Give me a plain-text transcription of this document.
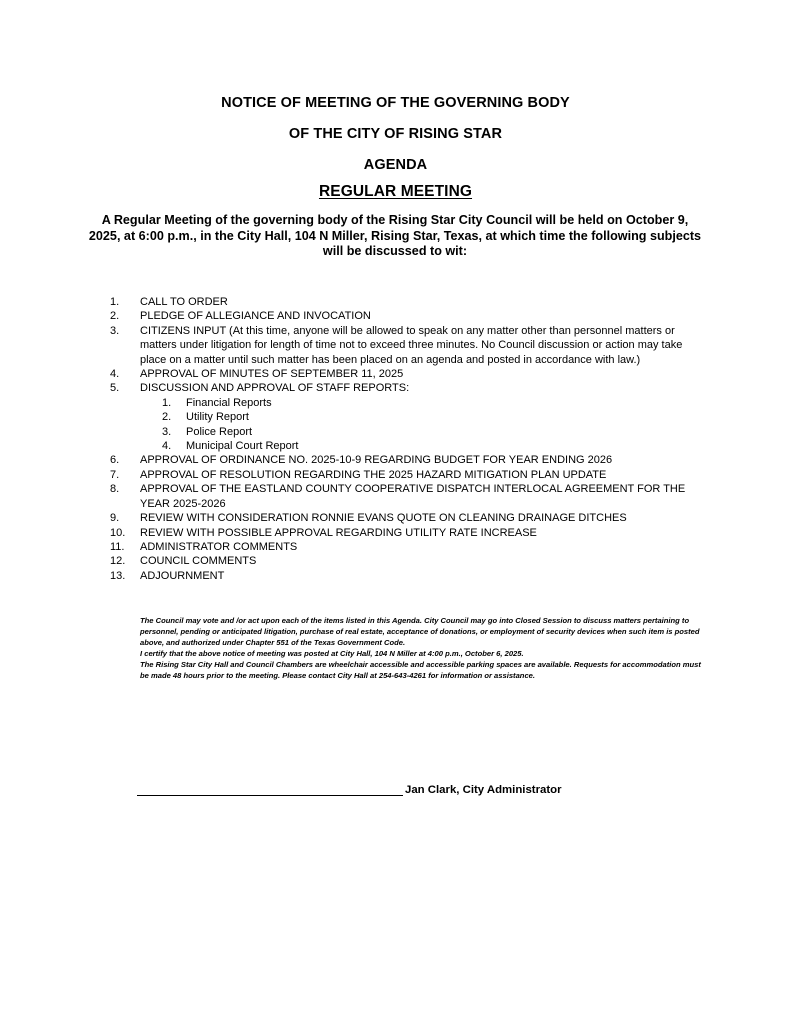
NOTICE OF MEETING OF THE GOVERNING BODY
OF THE CITY OF RISING STAR
AGENDA
REGULAR MEETING
A Regular Meeting of the governing body of the Rising Star City Council will be held on October 9, 2025, at 6:00 p.m., in the City Hall, 104 N Miller, Rising Star, Texas, at which time the following subjects will be discussed to wit:
1.	CALL TO ORDER
2.	PLEDGE OF ALLEGIANCE AND INVOCATION
3.	CITIZENS INPUT (At this time, anyone will be allowed to speak on any matter other than personnel matters or matters under litigation for length of time not to exceed three minutes. No Council discussion or action may take place on a matter until such matter has been placed on an agenda and posted in accordance with law.)
4.	APPROVAL OF MINUTES OF SEPTEMBER 11, 2025
5.	DISCUSSION AND APPROVAL OF STAFF REPORTS:
1.	Financial Reports
2.	Utility Report
3.	Police Report
4.	Municipal Court Report
6.	APPROVAL OF ORDINANCE NO. 2025-10-9 REGARDING BUDGET FOR YEAR ENDING 2026
7.	APPROVAL OF RESOLUTION REGARDING THE 2025 HAZARD MITIGATION PLAN UPDATE
8.	APPROVAL OF THE EASTLAND COUNTY COOPERATIVE DISPATCH INTERLOCAL AGREEMENT FOR THE YEAR 2025-2026
9.	REVIEW WITH CONSIDERATION RONNIE EVANS QUOTE ON CLEANING DRAINAGE DITCHES
10.	REVIEW WITH POSSIBLE APPROVAL REGARDING UTILITY RATE INCREASE
11.	ADMINISTRATOR COMMENTS
12.	COUNCIL COMMENTS
13.	ADJOURNMENT

The Council may vote and /or act upon each of the items listed in this Agenda. City Council may go into Closed Session to discuss matters pertaining to personnel, pending or anticipated litigation, purchase of real estate, acceptance of donations, or employment of security devices when such item is posted above, and authorized under Chapter 551 of the Texas Government Code.

I certify that the above notice of meeting was posted at City Hall, 104 N Miller at 4:00 p.m., October 6, 2025.

The Rising Star City Hall and Council Chambers are wheelchair accessible and accessible parking spaces are available. Requests for accommodation must be made 48 hours prior to the meeting. Please contact City Hall at 254-643-4261 for information or assistance.

Jan Clark, City Administrator
